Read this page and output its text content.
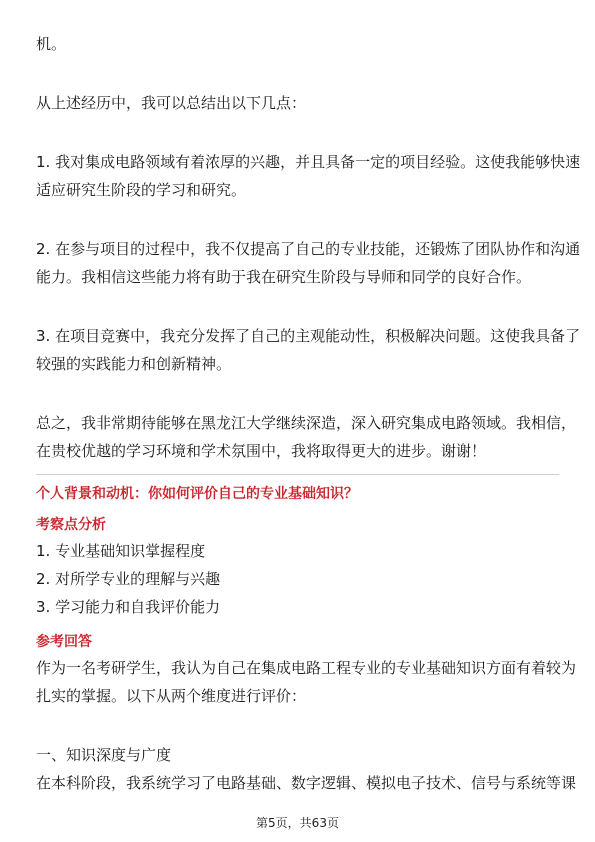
机。
从上述经历中，我可以总结出以下几点：
1. 我对集成电路领域有着浓厚的兴趣，并且具备一定的项目经验。这使我能够快速
适应研究生阶段的学习和研究。
2. 在参与项目的过程中，我不仅提高了自己的专业技能，还锻炼了团队协作和沟通
能力。我相信这些能力将有助于我在研究生阶段与导师和同学的良好合作。
3. 在项目竞赛中，我充分发挥了自己的主观能动性，积极解决问题。这使我具备了
较强的实践能力和创新精神。
总之，我非常期待能够在黑龙江大学继续深造，深入研究集成电路领域。我相信，
在贵校优越的学习环境和学术氛围中，我将取得更大的进步。谢谢！
个人背景和动机：你如何评价自己的专业基础知识？
考察点分析
1. 专业基础知识掌握程度
2. 对所学专业的理解与兴趣
3. 学习能力和自我评价能力
参考回答
作为一名考研学生，我认为自己在集成电路工程专业的专业基础知识方面有着较为
扎实的掌握。以下从两个维度进行评价：
一、知识深度与广度
在本科阶段，我系统学习了电路基础、数字逻辑、模拟电子技术、信号与系统等课
第5页，共63页
